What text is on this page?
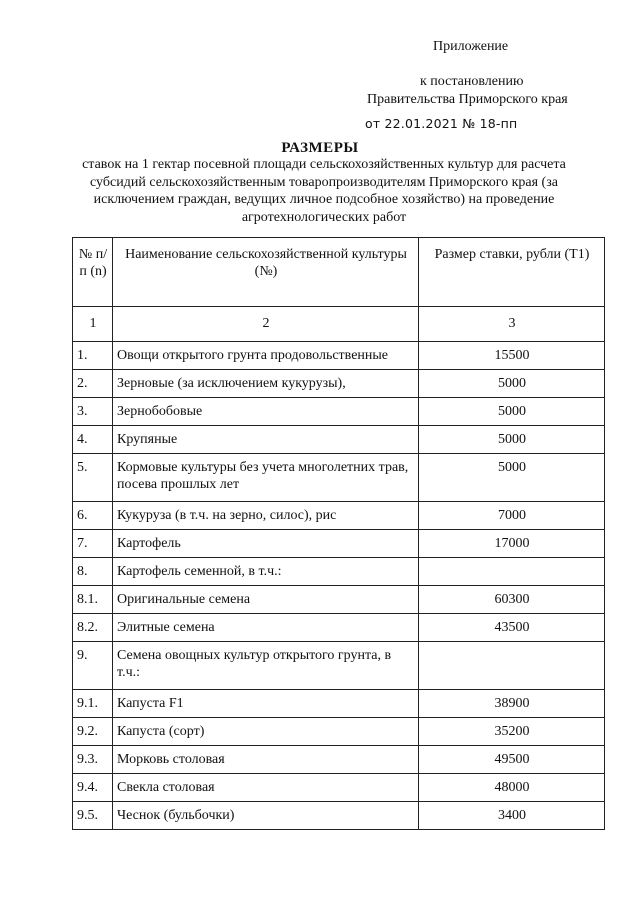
Приложение
к постановлению
Правительства Приморского края
от 22.01.2021 № 18-пп
РАЗМЕРЫ
ставок на 1 гектар посевной площади сельскохозяйственных культур для расчета субсидий сельскохозяйственным товаропроизводителям Приморского края (за исключением граждан, ведущих личное подсобное хозяйство) на проведение агротехнологических работ
№ п/п (n)	Наименование сельскохозяйственной культуры (№)	Размер ставки, рубли (Т1)
1	2	3
1.	Овощи открытого грунта продовольственные	15500
2.	Зерновые (за исключением кукурузы),	5000
3.	Зернобобовые	5000
4.	Крупяные	5000
5.	Кормовые культуры без учета многолетних трав, посева прошлых лет	5000
6.	Кукуруза (в т.ч. на зерно, силос), рис	7000
7.	Картофель	17000
8.	Картофель семенной, в т.ч.:	
8.1.	Оригинальные семена	60300
8.2.	Элитные семена	43500
9.	Семена овощных культур открытого грунта, в т.ч.:	
9.1.	Капуста F1	38900
9.2.	Капуста (сорт)	35200
9.3.	Морковь столовая	49500
9.4.	Свекла столовая	48000
9.5.	Чеснок (бульбочки)	3400
